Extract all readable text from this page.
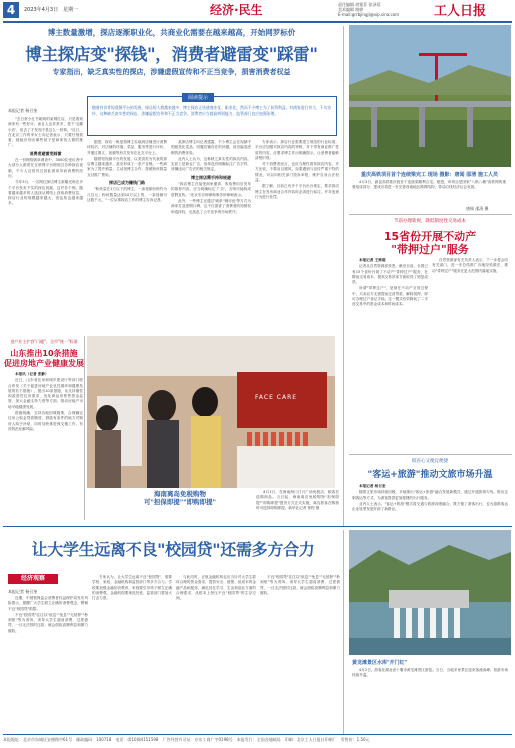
4	2023年4月3日　星期一	经济·民生	责任编辑 胡冕菲 张泽蓉
美术编辑 路婷
E-mail:grrbjingji@vip.sina.com	工人日报
博主数量激增，探店逐渐职业化，共商业化需要在越来越高，开始网罗标价
博主探店变"探钱"，消费者避雷变"踩雷"
专家指出，缺乏真实性的探店，涉嫌虚假宣传和不正当竞争，损害消费者权益
本报记者 杨召奎

"去日常小红书刷到的某网红店，只是看到商家有一些好评，而且人也非常多，是个'宝藏小店'，但去了才发现不是这么一回事。"近日，在北京工作的李女士向记者表示，只要仔细看看，就能识别出哪些帖子是商家找人做的推广。

消费者避雷变踩雷

在一份网络刷单调查中，3000位受访者中大部分人都曾在互联网平台刷到过各种探店视频，不少人还曾有过因此被误导而消费的经历。

今年3月，一名网红探店博主被曝光称在多个平台发布不实的探店视频，这并非个例。随着越来越多的人选择从网络上获取消费信息，探店行业的规模越来越大，但乱象也越来越多。

阅读提示
随着抖音等短视频平台的发展，探店的人群越来越多，博主探店正快速商业化、职业化。然而不少博主为了获得利益，对商家进行夸大、不实宣传，这种缺乏真实性的探店，涉嫌虚假宣传和不正当竞争，消费者应当提高辨别能力，监管部门也应加强治理。

据悉，探店一般是指博主实地到店铺进行消费体验后，对店铺的环境、菜品、服务等进行评价，并通过图文、视频等形式发布在社交平台上。

随着短视频平台的发展，以美食类为代表的探店博主越来越多，甚至形成了一条产业链。一些商家为了提升销量，主动找博主合作，按照粉丝数量支付推广费用。

探店已成为赚钱门路

"粉丝量在1万以下的博主，一条视频价格约为几百元；粉丝数量达到10万以上的，一条视频可达数千元。"一位从事探店工作的博主告诉记者。

某探店博主向记者透露，不少博主会在视频中刻意美化菜品，回避店铺存在的问题，甚至编造虚假的消费体验。

业内人士认为，这种缺乏真实性的探店内容，实质上是商业广告，但却没有明确标注广告字样，涉嫌违反广告法的相关规定。

博主探店需手持和规避

"探店博主在接受商家邀请、收取费用后发布的推荐内容，应当明确标注'广告'，否则可能构成虚假宣传。"北京市京师律师事务所律师表示。

此外，一些博主还通过'刷单''刷评论'等方式为商家打造虚假口碑，这不仅损害了消费者的知情权和选择权，也扰乱了公平竞争的市场秩序。

专家表示，探店行业需要建立规范的行业标准，平台应加强对探店内容的审核，对于带有商业推广性质的内容，应要求博主作出明确提示，让消费者能够清楚识别。

对于消费者而言，也应当理性看待探店内容，多方比较，不要盲目跟风。如果遇到与宣传严重不符的情况，可以向相关部门投诉举报，维护自身合法权益。

据了解，目前已有多个平台出台规定，要求探店博主在发布商业合作内容时必须进行标注，并对违规行为进行处罚。

FACE CARE
海南离岛免税购物
可"担保即提""即购即提"

4月1日，在海南海口日月广场免税店，顾客在选购商品。当日起，海南离岛免税购物"担保即提""即购即提"提货方式正式实施，离岛旅客在购物时可选择即购即提。新华社记者 郭程 摄

进户业主扩容"门槛"，全市"统一"标准
山东推出10条措施
促进房地产业健康发展

本报讯（记者 张翀）

近日，山东省住房和城乡建设厅等部门联合印发《关于促进房地产业良性循环和健康发展的若干措施》，提出10条措施，从支持刚性和改善性住房需求、优化商品房预售资金监管、加大金融支持力度等方面，推动房地产市场平稳健康发展。

措施明确，支持各地因城施策，合理确定住房公积金贷款额度，鼓励有条件的地方对购房人给予补贴，同时加快推进保交楼工作，有效防范化解风险。

重庆高铁项目首个连续梁完工 现场 摄影：唐闻 邵清 施工人员

4月3日，渝昆高铁重庆段首个连续梁顺利合龙。据悉，该项目是国家"八纵八横"高铁网的重要组成部分，建成后将进一步完善西南地区路网结构，带动沿线经济社会发展。

唐闻 邵清 摄
节前办理新规，降低制度性交易成本
15省份开展不动产
"带押过户"服务

本报记者 王维砚

记者从自然资源部获悉，截至目前，全国已有15个省份开展了不动产"带押过户"服务，在降低交易成本、提高交易效率方面取得了明显成效。

所谓"带押过户"，是指在不动产交易过程中，买卖双方无需提前还清贷款、解除抵押，即可办理过户登记手续。这一模式有效降低了二手房交易中的资金成本和时间成本。

自然资源部有关负责人表示，下一步将会同有关部门，进一步总结推广各地经验做法，推动"带押过户"服务在更大范围内落地实施。

既省心又便宜便捷
"客运+旅游"推动文旅市场升温

本报记者 杨召奎

随着文旅市场持续回暖，多地推出"客运+旅游"融合发展新模式，通过开通旅游专线、推出定制客运等方式，为游客提供更加便捷的出行服务。

业内人士表示，"客运+旅游"模式将交通与旅游深度融合，既方便了游客出行，也为道路客运企业转型发展开辟了新路径。

让大学生远离不良"校园贷"还需多方合力
经济观察
本报记者 杨召奎

近期，中国银保监会消费者权益保护局发布风险提示，提醒广大学生树立正确的消费观念，警惕不良"校园贷"陷阱。

不良"校园贷"往往以"低息""免息""无抵押""秒到账"等为诱饵，诱导大学生超前消费、过度借贷，一旦无法按时还款，就会面临高额利息和暴力催收。

专家认为，让大学生远离不良"校园贷"，需要学校、家庭、金融机构和监管部门等多方合力。学校要加强金融知识教育，家庭要引导孩子树立正确的消费观，金融机构要规范经营，监管部门要加大打击力度。

与此同时，正规金融机构也应当针对大学生群体合理的资金需求，提供安全、便捷、低成本的金融产品和服务，满足其在学习、生活和创业方面的合理需求，从根本上挤压不良"校园贷"的生存空间。

不良"校园贷"往往以"低息""免息""无抵押""秒到账"等为诱饵，诱导大学生超前消费、过度借贷，一旦无法按时还款，就会面临高额利息和暴力催收。

黄龙滩景区水库"开门红"

4月2日，游客在湖北省十堰市黄龙滩景区游览。当日，当地多家景区迎来客流高峰，旅游市场持续升温。

本报地址：北京市东城区安德路甲61号　邮政编码：100718　电话：(010)84151598　广告经营许可证：京东工商广字0198号　本报发行：全国各地邮局　印刷：北京工人日报社印刷厂　零售价：1.50元
